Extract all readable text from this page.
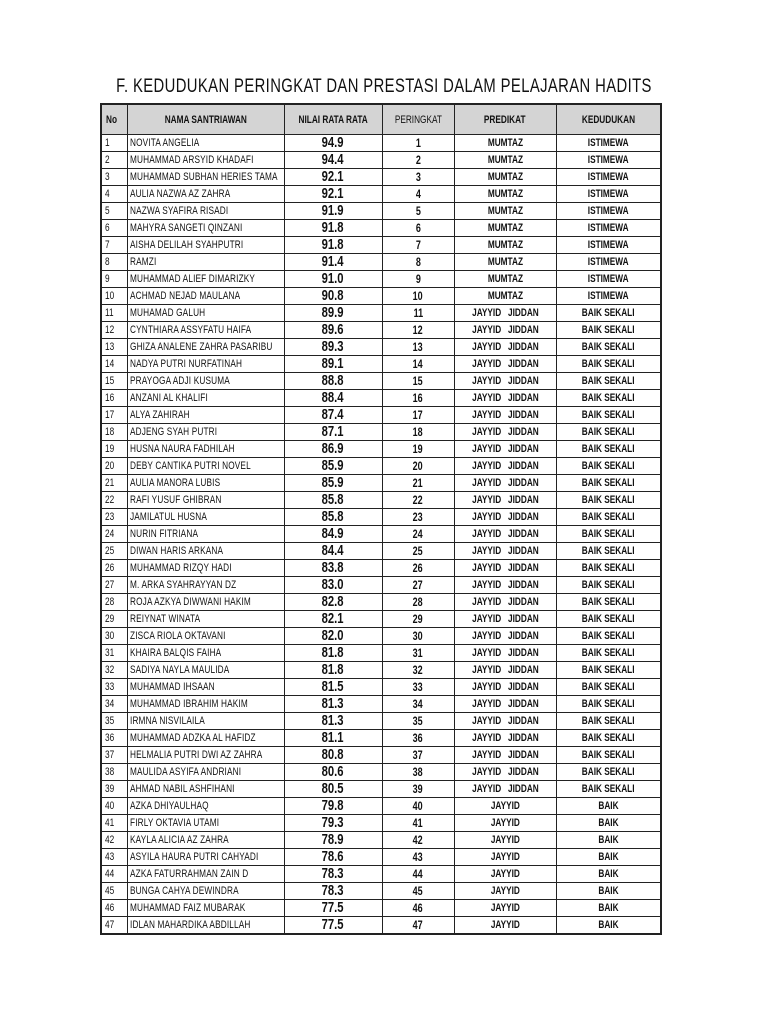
F. KEDUDUKAN PERINGKAT DAN PRESTASI DALAM PELAJARAN HADITS
No	NAMA SANTRIAWAN	NILAI RATA RATA	PERINGKAT	PREDIKAT	KEDUDUKAN
1	NOVITA ANGELIA	94.9	1	MUMTAZ	ISTIMEWA
2	MUHAMMAD ARSYID KHADAFI	94.4	2	MUMTAZ	ISTIMEWA
3	MUHAMMAD SUBHAN HERIES TAMA	92.1	3	MUMTAZ	ISTIMEWA
4	AULIA NAZWA AZ ZAHRA	92.1	4	MUMTAZ	ISTIMEWA
5	NAZWA SYAFIRA RISADI	91.9	5	MUMTAZ	ISTIMEWA
6	MAHYRA SANGETI QINZANI	91.8	6	MUMTAZ	ISTIMEWA
7	AISHA DELILAH SYAHPUTRI	91.8	7	MUMTAZ	ISTIMEWA
8	RAMZI	91.4	8	MUMTAZ	ISTIMEWA
9	MUHAMMAD ALIEF DIMARIZKY	91.0	9	MUMTAZ	ISTIMEWA
10	ACHMAD NEJAD MAULANA	90.8	10	MUMTAZ	ISTIMEWA
11	MUHAMAD GALUH	89.9	11	JAYYID   JIDDAN	BAIK SEKALI
12	CYNTHIARA ASSYFATU HAIFA	89.6	12	JAYYID   JIDDAN	BAIK SEKALI
13	GHIZA ANALENE ZAHRA PASARIBU	89.3	13	JAYYID   JIDDAN	BAIK SEKALI
14	NADYA PUTRI NURFATINAH	89.1	14	JAYYID   JIDDAN	BAIK SEKALI
15	PRAYOGA ADJI KUSUMA	88.8	15	JAYYID   JIDDAN	BAIK SEKALI
16	ANZANI AL KHALIFI	88.4	16	JAYYID   JIDDAN	BAIK SEKALI
17	ALYA ZAHIRAH	87.4	17	JAYYID   JIDDAN	BAIK SEKALI
18	ADJENG SYAH PUTRI	87.1	18	JAYYID   JIDDAN	BAIK SEKALI
19	HUSNA NAURA FADHILAH	86.9	19	JAYYID   JIDDAN	BAIK SEKALI
20	DEBY CANTIKA PUTRI NOVEL	85.9	20	JAYYID   JIDDAN	BAIK SEKALI
21	AULIA MANORA LUBIS	85.9	21	JAYYID   JIDDAN	BAIK SEKALI
22	RAFI YUSUF GHIBRAN	85.8	22	JAYYID   JIDDAN	BAIK SEKALI
23	JAMILATUL HUSNA	85.8	23	JAYYID   JIDDAN	BAIK SEKALI
24	NURIN FITRIANA	84.9	24	JAYYID   JIDDAN	BAIK SEKALI
25	DIWAN HARIS ARKANA	84.4	25	JAYYID   JIDDAN	BAIK SEKALI
26	MUHAMMAD RIZQY HADI	83.8	26	JAYYID   JIDDAN	BAIK SEKALI
27	M. ARKA SYAHRAYYAN DZ	83.0	27	JAYYID   JIDDAN	BAIK SEKALI
28	ROJA AZKYA DIWWANI HAKIM	82.8	28	JAYYID   JIDDAN	BAIK SEKALI
29	REIYNAT WINATA	82.1	29	JAYYID   JIDDAN	BAIK SEKALI
30	ZISCA RIOLA OKTAVANI	82.0	30	JAYYID   JIDDAN	BAIK SEKALI
31	KHAIRA BALQIS FAIHA	81.8	31	JAYYID   JIDDAN	BAIK SEKALI
32	SADIYA NAYLA MAULIDA	81.8	32	JAYYID   JIDDAN	BAIK SEKALI
33	MUHAMMAD IHSAAN	81.5	33	JAYYID   JIDDAN	BAIK SEKALI
34	MUHAMMAD IBRAHIM HAKIM	81.3	34	JAYYID   JIDDAN	BAIK SEKALI
35	IRMNA NISVILAILA	81.3	35	JAYYID   JIDDAN	BAIK SEKALI
36	MUHAMMAD ADZKA AL HAFIDZ	81.1	36	JAYYID   JIDDAN	BAIK SEKALI
37	HELMALIA PUTRI DWI AZ ZAHRA	80.8	37	JAYYID   JIDDAN	BAIK SEKALI
38	MAULIDA ASYIFA ANDRIANI	80.6	38	JAYYID   JIDDAN	BAIK SEKALI
39	AHMAD NABIL ASHFIHANI	80.5	39	JAYYID   JIDDAN	BAIK SEKALI
40	AZKA DHIYAULHAQ	79.8	40	JAYYID	BAIK
41	FIRLY OKTAVIA UTAMI	79.3	41	JAYYID	BAIK
42	KAYLA ALICIA AZ ZAHRA	78.9	42	JAYYID	BAIK
43	ASYILA HAURA PUTRI CAHYADI	78.6	43	JAYYID	BAIK
44	AZKA FATURRAHMAN ZAIN D	78.3	44	JAYYID	BAIK
45	BUNGA CAHYA DEWINDRA	78.3	45	JAYYID	BAIK
46	MUHAMMAD FAIZ MUBARAK	77.5	46	JAYYID	BAIK
47	IDLAN MAHARDIKA ABDILLAH	77.5	47	JAYYID	BAIK
